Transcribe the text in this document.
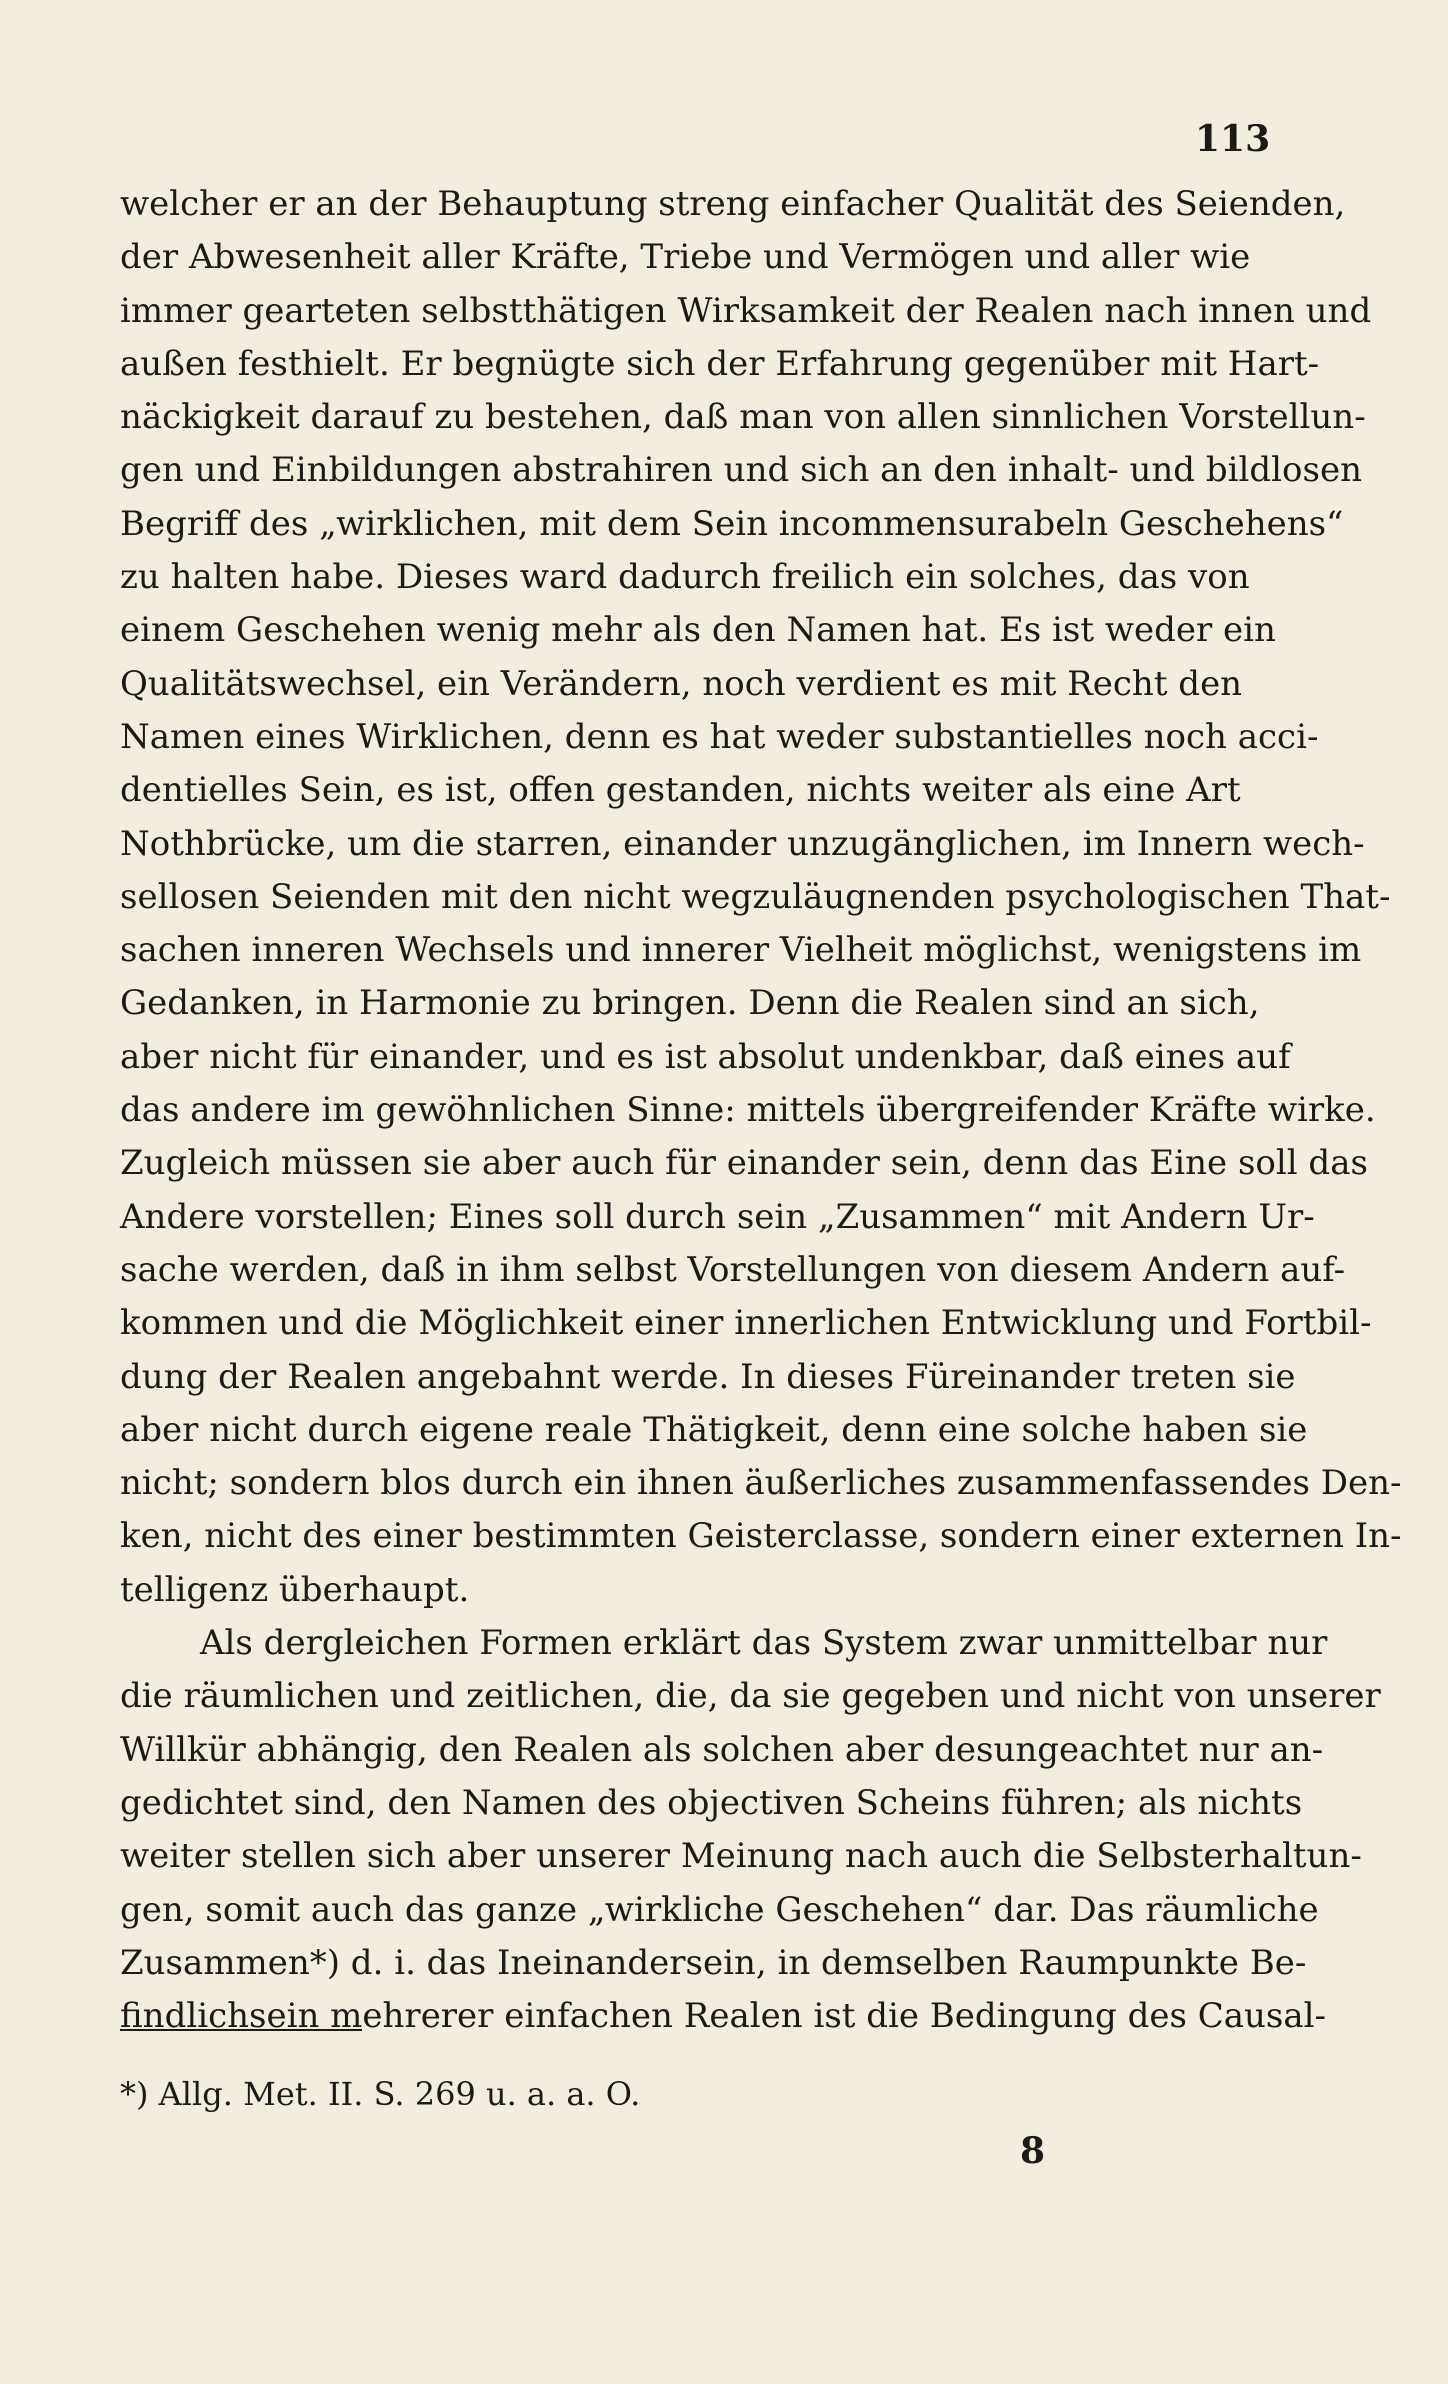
113
welcher er an der Behauptung streng einfacher Qualität des Seienden,
der Abwesenheit aller Kräfte, Triebe und Vermögen und aller wie
immer gearteten selbstthätigen Wirksamkeit der Realen nach innen und
außen festhielt. Er begnügte sich der Erfahrung gegenüber mit Hart-
näckigkeit darauf zu bestehen, daß man von allen sinnlichen Vorstellun-
gen und Einbildungen abstrahiren und sich an den inhalt- und bildlosen
Begriff des „wirklichen, mit dem Sein incommensurabeln Geschehens“
zu halten habe. Dieses ward dadurch freilich ein solches, das von
einem Geschehen wenig mehr als den Namen hat. Es ist weder ein
Qualitätswechsel, ein Verändern, noch verdient es mit Recht den
Namen eines Wirklichen, denn es hat weder substantielles noch acci-
dentielles Sein, es ist, offen gestanden, nichts weiter als eine Art
Nothbrücke, um die starren, einander unzugänglichen, im Innern wech-
sellosen Seienden mit den nicht wegzuläugnenden psychologischen That-
sachen inneren Wechsels und innerer Vielheit möglichst, wenigstens im
Gedanken, in Harmonie zu bringen. Denn die Realen sind an sich,
aber nicht für einander, und es ist absolut undenkbar, daß eines auf
das andere im gewöhnlichen Sinne: mittels übergreifender Kräfte wirke.
Zugleich müssen sie aber auch für einander sein, denn das Eine soll das
Andere vorstellen; Eines soll durch sein „Zusammen“ mit Andern Ur-
sache werden, daß in ihm selbst Vorstellungen von diesem Andern auf-
kommen und die Möglichkeit einer innerlichen Entwicklung und Fortbil-
dung der Realen angebahnt werde. In dieses Füreinander treten sie
aber nicht durch eigene reale Thätigkeit, denn eine solche haben sie
nicht; sondern blos durch ein ihnen äußerliches zusammenfassendes Den-
ken, nicht des einer bestimmten Geisterclasse, sondern einer externen In-
telligenz überhaupt.
Als dergleichen Formen erklärt das System zwar unmittelbar nur
die räumlichen und zeitlichen, die, da sie gegeben und nicht von unserer
Willkür abhängig, den Realen als solchen aber desungeachtet nur an-
gedichtet sind, den Namen des objectiven Scheins führen; als nichts
weiter stellen sich aber unserer Meinung nach auch die Selbsterhaltun-
gen, somit auch das ganze „wirkliche Geschehen“ dar. Das räumliche
Zusammen*) d. i. das Ineinandersein, in demselben Raumpunkte Be-
findlichsein mehrerer einfachen Realen ist die Bedingung des Causal-
*) Allg. Met. II. S. 269 u. a. a. O.
8
